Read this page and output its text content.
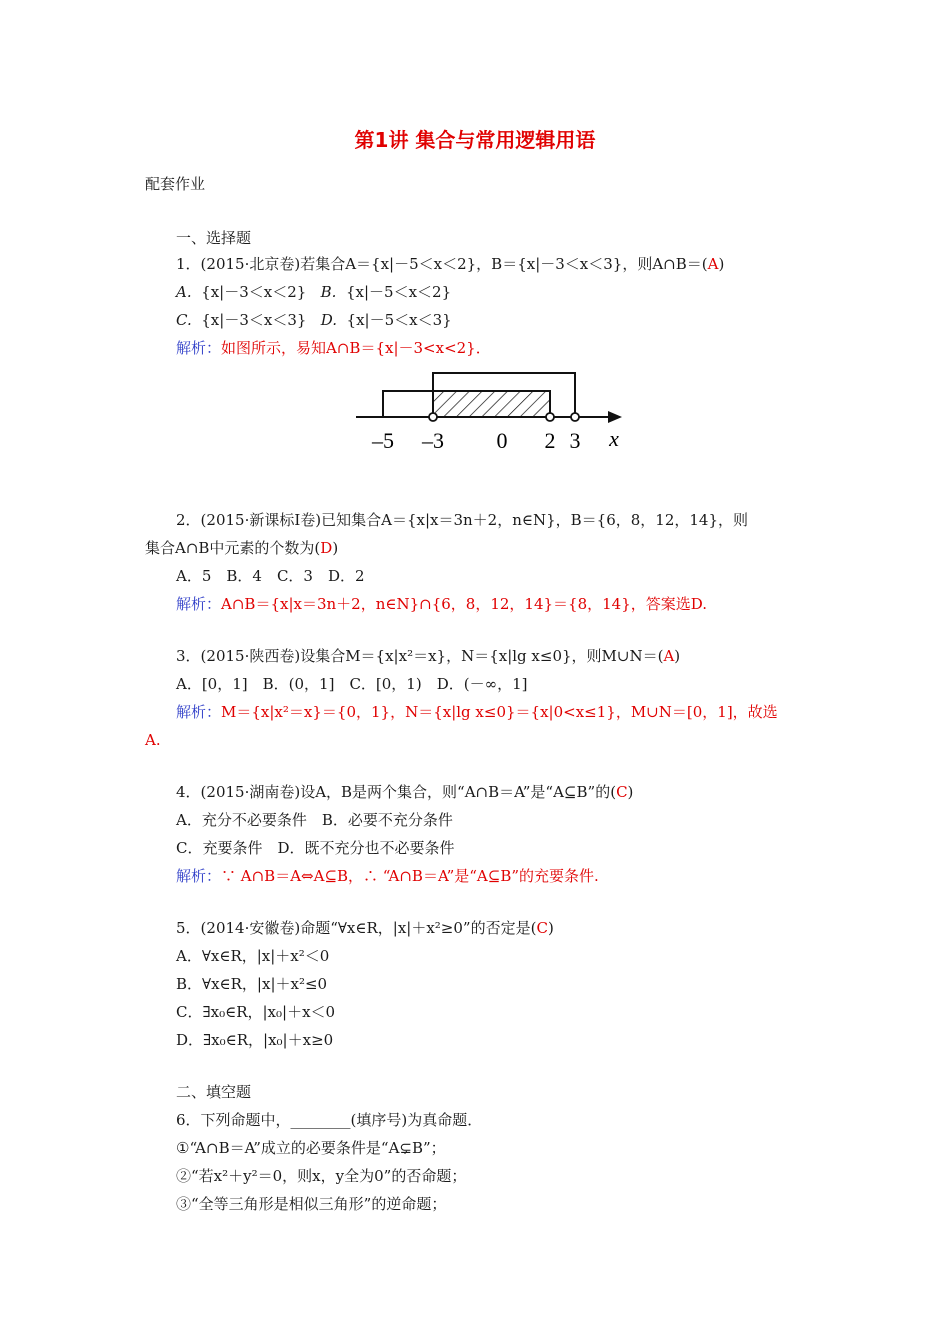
第1讲 集合与常用逻辑用语
配套作业
一、选择题
1．(2015·北京卷)若集合A＝{x|－5＜x＜2}，B＝{x|－3＜x＜3}，则A∩B＝(A)
A. {x|－3＜x＜2} B. {x|－5＜x＜2}
C. {x|－3＜x＜3} D. {x|－5＜x＜3}
解析：如图所示，易知A∩B＝{x|－3<x<2}．
–5 –3 0 2 3 x
2．(2015·新课标Ⅰ卷)已知集合A＝{x|x＝3n＋2，n∈N}，B＝{6，8，12，14}，则
集合A∩B中元素的个数为(D)
A．5　B．4　C．3　D．2
解析：A∩B＝{x|x＝3n＋2，n∈N}∩{6，8，12，14}＝{8，14}，答案选D.
3．(2015·陕西卷)设集合M＝{x|x²＝x}，N＝{x|lg x≤0}，则M∪N＝(A)
A．[0，1]　B．(0，1]　C．[0，1)　D．(－∞，1]
解析：M＝{x|x²＝x}＝{0，1}，N＝{x|lg x≤0}＝{x|0<x≤1}，M∪N＝[0，1]，故选
A.
4．(2015·湖南卷)设A，B是两个集合，则“A∩B＝A”是“A⊆B”的(C)
A．充分不必要条件　B．必要不充分条件
C．充要条件　D．既不充分也不必要条件
解析：∵ A∩B＝A⇔A⊆B，∴ “A∩B＝A”是“A⊆B”的充要条件.
5．(2014·安徽卷)命题“∀x∈R，|x|＋x²≥0”的否定是(C)
A．∀x∈R，|x|＋x²＜0
B．∀x∈R，|x|＋x²≤0
C．∃x₀∈R，|x₀|＋x＜0
D．∃x₀∈R，|x₀|＋x≥0
二、填空题
6．下列命题中，________(填序号)为真命题．
①“A∩B＝A”成立的必要条件是“A⊊B”；
②“若x²＋y²＝0，则x，y全为0”的否命题；
③“全等三角形是相似三角形”的逆命题；
